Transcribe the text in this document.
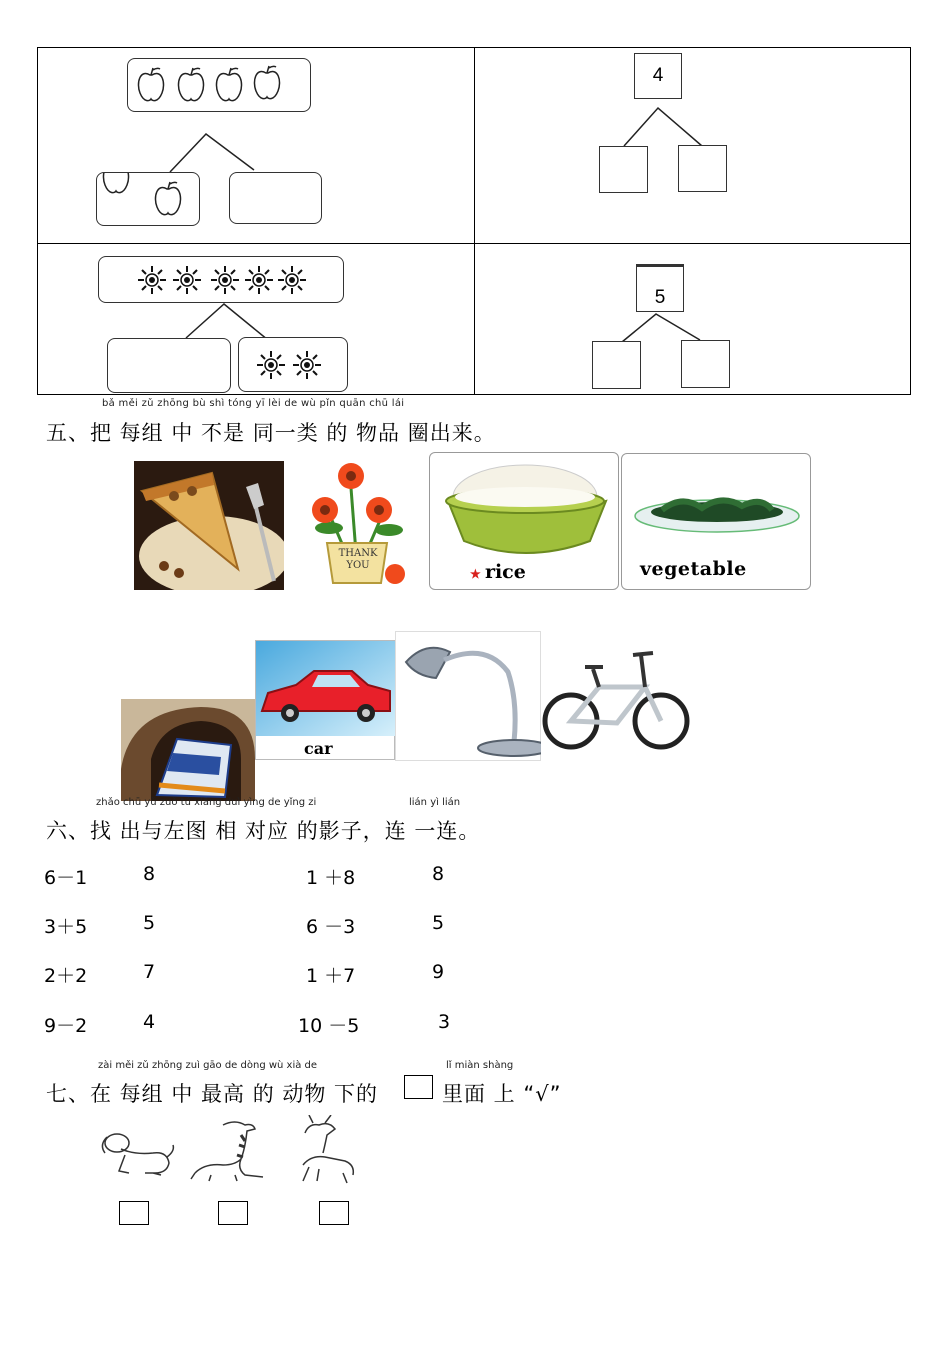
4
5
bǎ měi zǔ zhōng bù shì tóng yī lèi de wù pǐn quān chū lái
五、把 每组 中 不是 同一类 的 物品 圈出来。
THANK YOU
★ rice	vegetable
car
zhǎo chū yǔ zuǒ tú xiāng duì yìng de yǐng zi	lián yì lián
六、找 出与左图 相 对应 的影子，连 一连。
6－1	8	1 ＋8	8
3＋5	5	6 －3	5
2＋2	7	1 ＋7	9
9－2	4	10 －5	3
zài měi zǔ zhōng zuì gāo de dòng wù xià de	lǐ miàn shàng
七、在 每组 中 最高 的 动物 下的	里面 上 “√”
